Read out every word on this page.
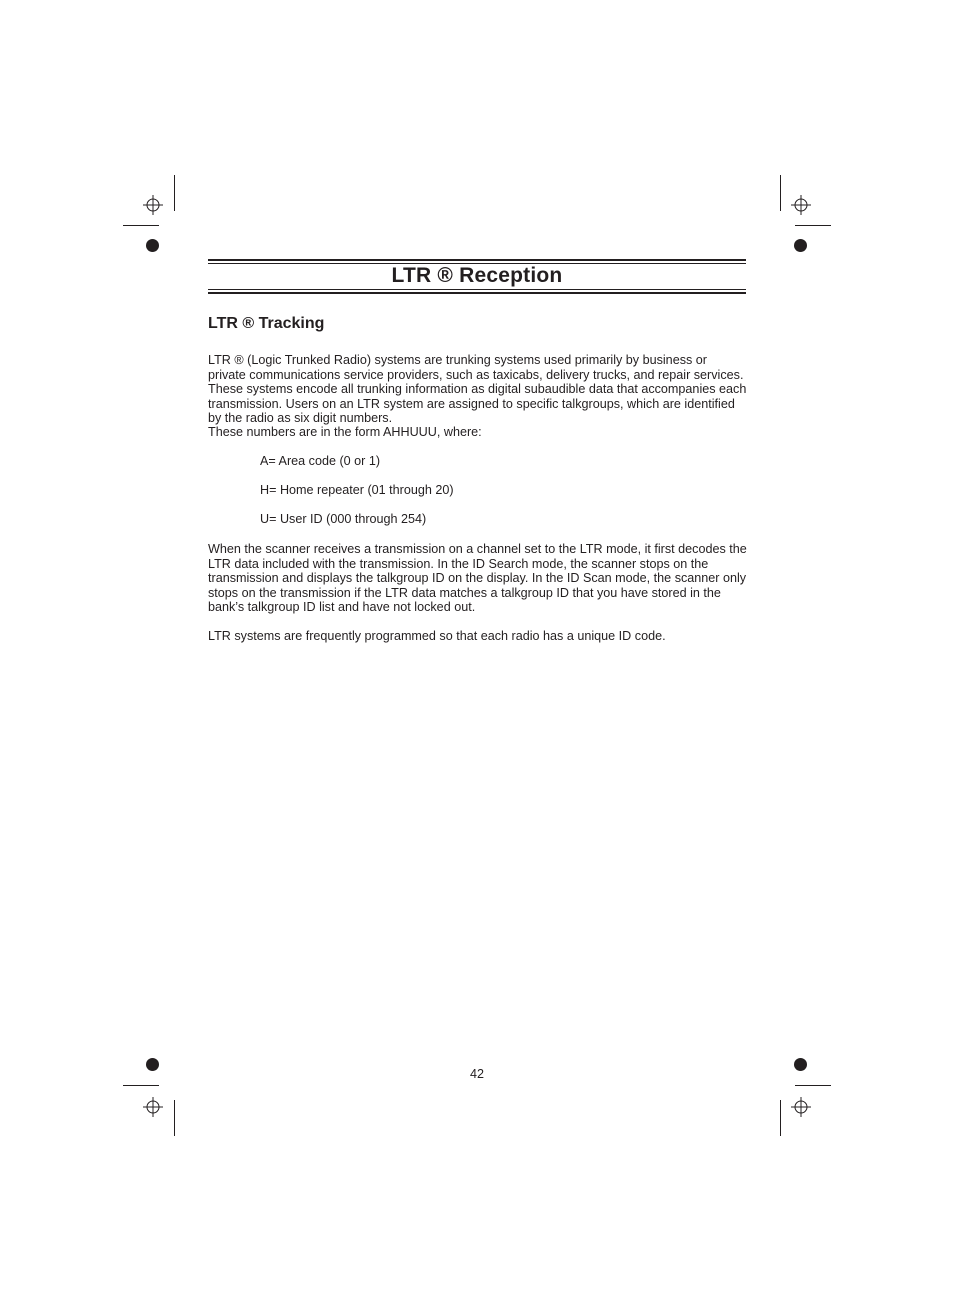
LTR ® Reception
LTR ® Tracking

LTR ® (Logic Trunked Radio) systems are trunking systems used primarily by business or private communications service providers, such as taxicabs, delivery trucks, and repair services. These systems encode all trunking information as digital subaudible data that accompanies each transmission. Users on an LTR system are assigned to specific talkgroups, which are identified by the radio as six digit numbers.

These numbers are in the form AHHUUU, where:

A= Area code (0 or 1)

H= Home repeater (01 through 20)

U= User ID (000 through 254)

When the scanner receives a transmission on a channel set to the LTR mode, it first decodes the LTR data included with the transmission. In the ID Search mode, the scanner stops on the transmission and displays the talkgroup ID on the display. In the ID Scan mode, the scanner only stops on the transmission if the LTR data matches a talkgroup ID that you have stored in the bank’s talkgroup ID list and have not locked out.

LTR systems are frequently programmed so that each radio has a unique ID code.

42
